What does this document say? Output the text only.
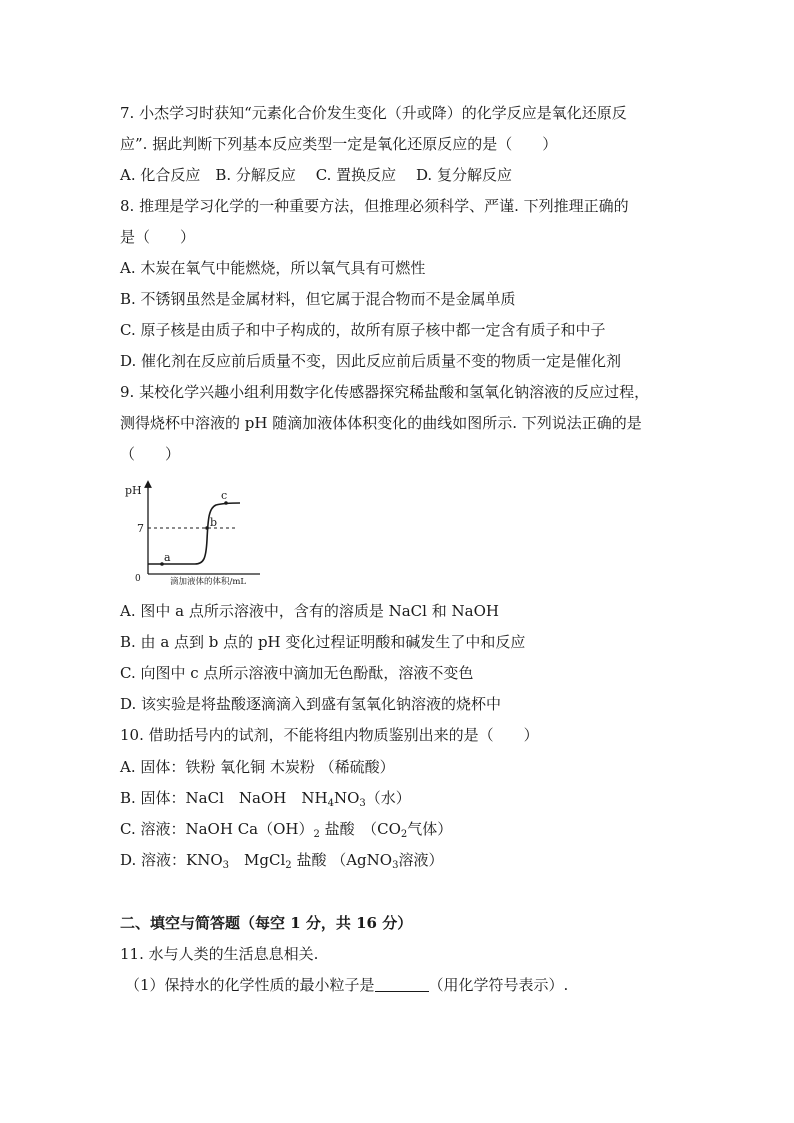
7. 小杰学习时获知“元素化合价发生变化（升或降）的化学反应是氧化还原反
应”. 据此判断下列基本反应类型一定是氧化还原反应的是（　　）
A. 化合反应　B. 分解反应　 C. 置换反应　 D. 复分解反应
8. 推理是学习化学的一种重要方法，但推理必须科学、严谨. 下列推理正确的
是（　　）
A. 木炭在氧气中能燃烧，所以氧气具有可燃性
B. 不锈钢虽然是金属材料，但它属于混合物而不是金属单质
C. 原子核是由质子和中子构成的，故所有原子核中都一定含有质子和中子
D. 催化剂在反应前后质量不变，因此反应前后质量不变的物质一定是催化剂
9. 某校化学兴趣小组利用数字化传感器探究稀盐酸和氢氧化钠溶液的反应过程，
测得烧杯中溶液的 pH 随滴加液体体积变化的曲线如图所示. 下列说法正确的是
（　　）
pH
7
0	滴加液体的体积/mL
a
b
c
A. 图中 a 点所示溶液中，含有的溶质是 NaCl 和 NaOH
B. 由 a 点到 b 点的 pH 变化过程证明酸和碱发生了中和反应
C. 向图中 c 点所示溶液中滴加无色酚酞，溶液不变色
D. 该实验是将盐酸逐滴滴入到盛有氢氧化钠溶液的烧杯中
10. 借助括号内的试剂，不能将组内物质鉴别出来的是（　　）
A. 固体：铁粉 氧化铜 木炭粉 （稀硫酸）
B. 固体：NaCl　NaOH　$NH_4NO_3$（水）
C. 溶液：NaOH $Ca(OH)_2$ 盐酸　（$CO_2$气体）
D. 溶液：$KNO_3$　MgCl$_2$ 盐酸 （AgNO$_3$溶液）
二、填空与简答题（每空 1 分，共 16 分）
11. 水与人类的生活息息相关.
（1）保持水的化学性质的最小粒子是	（用化学符号表示）.
